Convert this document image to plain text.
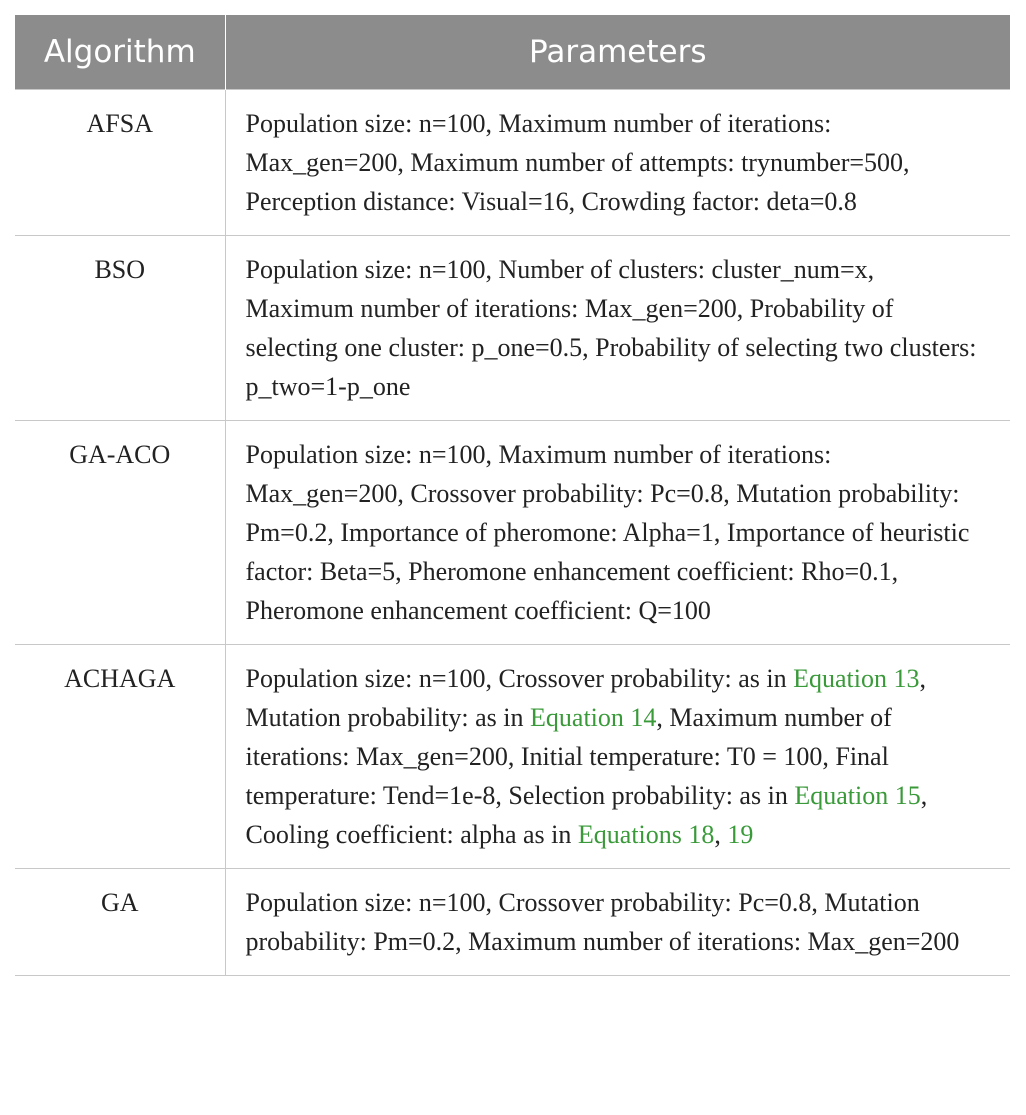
Algorithm	Parameters
AFSA	Population size: n=100, Maximum number of iterations: Max_gen=200, Maximum number of attempts: trynumber=500, Perception distance: Visual=16, Crowding factor: deta=0.8
BSO	Population size: n=100, Number of clusters: cluster_num=x, Maximum number of iterations: Max_gen=200, Probability of selecting one cluster: p_one=0.5, Probability of selecting two clusters: p_two=1-p_one
GA-ACO	Population size: n=100, Maximum number of iterations: Max_gen=200, Crossover probability: Pc=0.8, Mutation probability: Pm=0.2, Importance of pheromone: Alpha=1, Importance of heuristic factor: Beta=5, Pheromone enhancement coefficient: Rho=0.1, Pheromone enhancement coefficient: Q=100
ACHAGA	Population size: n=100, Crossover probability: as in Equation 13, Mutation probability: as in Equation 14, Maximum number of iterations: Max_gen=200, Initial temperature: T0 = 100, Final temperature: Tend=1e-8, Selection probability: as in Equation 15, Cooling coefficient: alpha as in Equations 18, 19
GA	Population size: n=100, Crossover probability: Pc=0.8, Mutation probability: Pm=0.2, Maximum number of iterations: Max_gen=200
